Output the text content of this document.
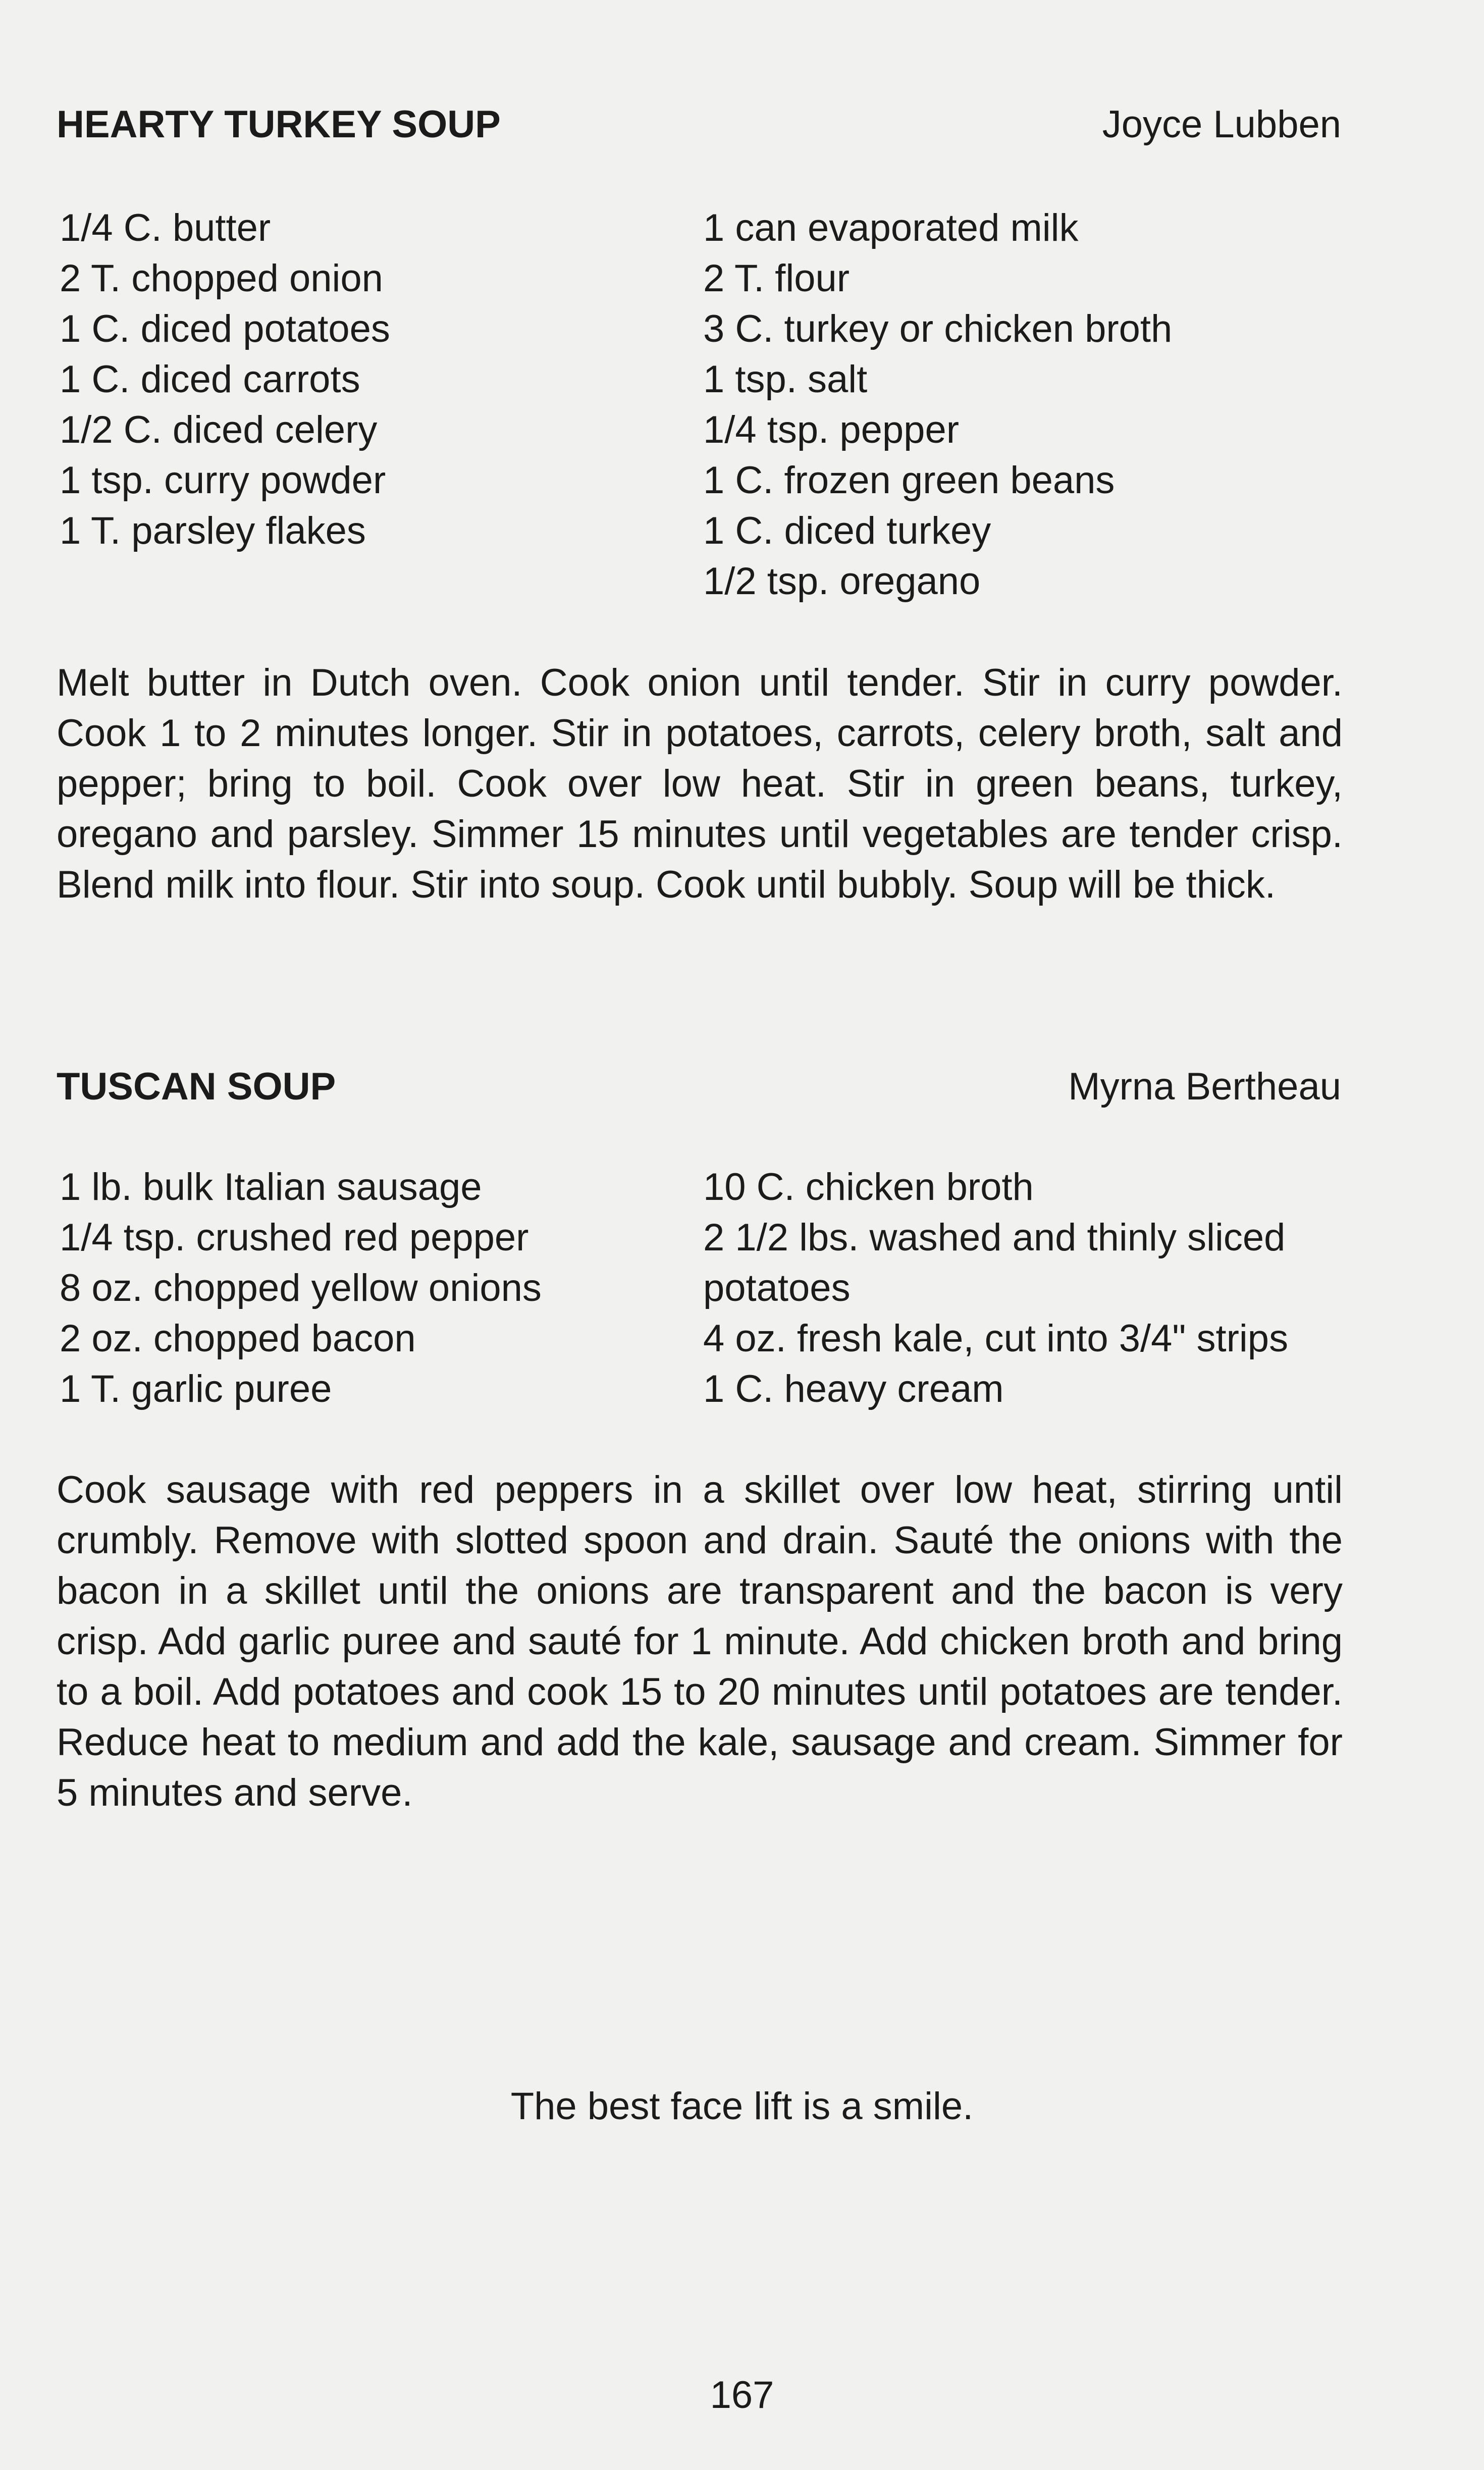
HEARTY TURKEY SOUP	Joyce Lubben
1/4 C. butter
2 T. chopped onion
1 C. diced potatoes
1 C. diced carrots
1/2 C. diced celery
1 tsp. curry powder
1 T. parsley flakes
1 can evaporated milk
2 T. flour
3 C. turkey or chicken broth
1 tsp. salt
1/4 tsp. pepper
1 C. frozen green beans
1 C. diced turkey
1/2 tsp. oregano

Melt butter in Dutch oven. Cook onion until tender. Stir in curry powder. Cook 1 to 2 minutes longer. Stir in potatoes, carrots, celery broth, salt and pepper; bring to boil. Cook over low heat. Stir in green beans, turkey, oregano and parsley. Simmer 15 minutes until vegetables are tender crisp. Blend milk into flour. Stir into soup. Cook until bubbly. Soup will be thick.

TUSCAN SOUP	Myrna Bertheau
1 lb. bulk Italian sausage
1/4 tsp. crushed red pepper
8 oz. chopped yellow onions
2 oz. chopped bacon
1 T. garlic puree
10 C. chicken broth
2 1/2 lbs. washed and thinly sliced
potatoes
4 oz. fresh kale, cut into 3/4" strips
1 C. heavy cream

Cook sausage with red peppers in a skillet over low heat, stirring until crumbly. Remove with slotted spoon and drain. Sauté the onions with the bacon in a skillet until the onions are transparent and the bacon is very crisp. Add garlic puree and sauté for 1 minute. Add chicken broth and bring to a boil. Add potatoes and cook 15 to 20 minutes until potatoes are tender. Reduce heat to medium and add the kale, sausage and cream. Simmer for 5 minutes and serve.

The best face lift is a smile.
167
